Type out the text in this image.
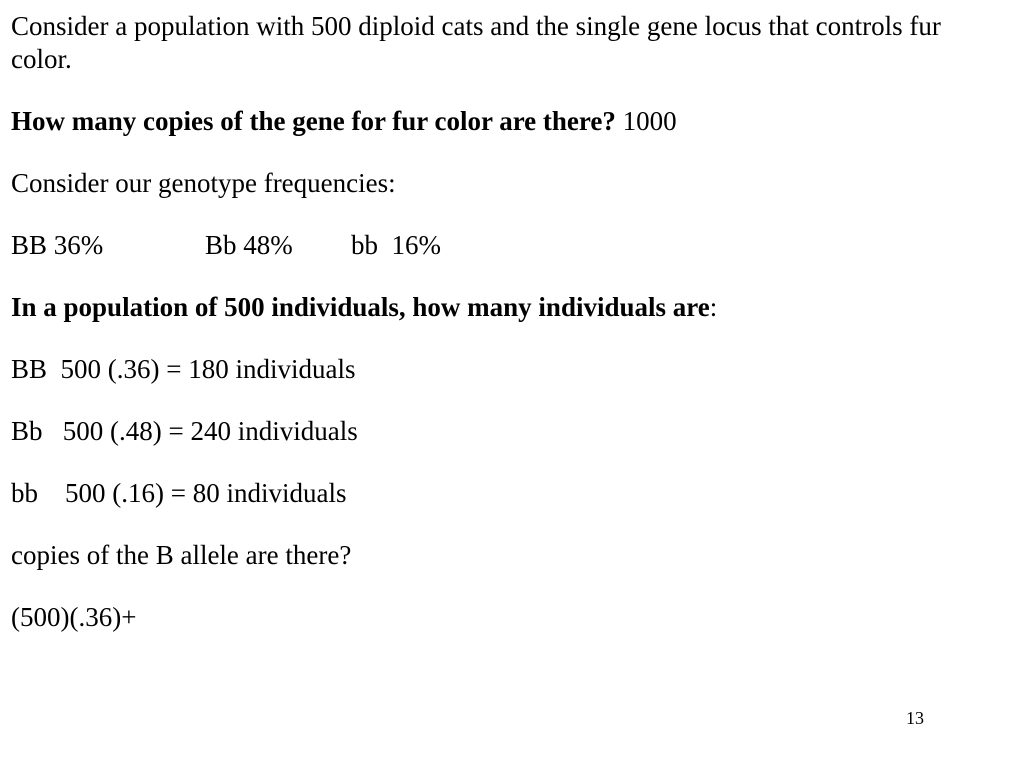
Consider a population with 500 diploid cats and the single gene locus that controls fur color.

How many copies of the gene for fur color are there? 1000

Consider our genotype frequencies:

BB 36%	Bb 48% bb  16%

In a population of 500 individuals, how many individuals are:

BB  500 (.36) = 180 individuals

Bb   500 (.48) = 240 individuals

bb    500 (.16) = 80 individuals

copies of the B allele are there?

(500)(.36)+

13
